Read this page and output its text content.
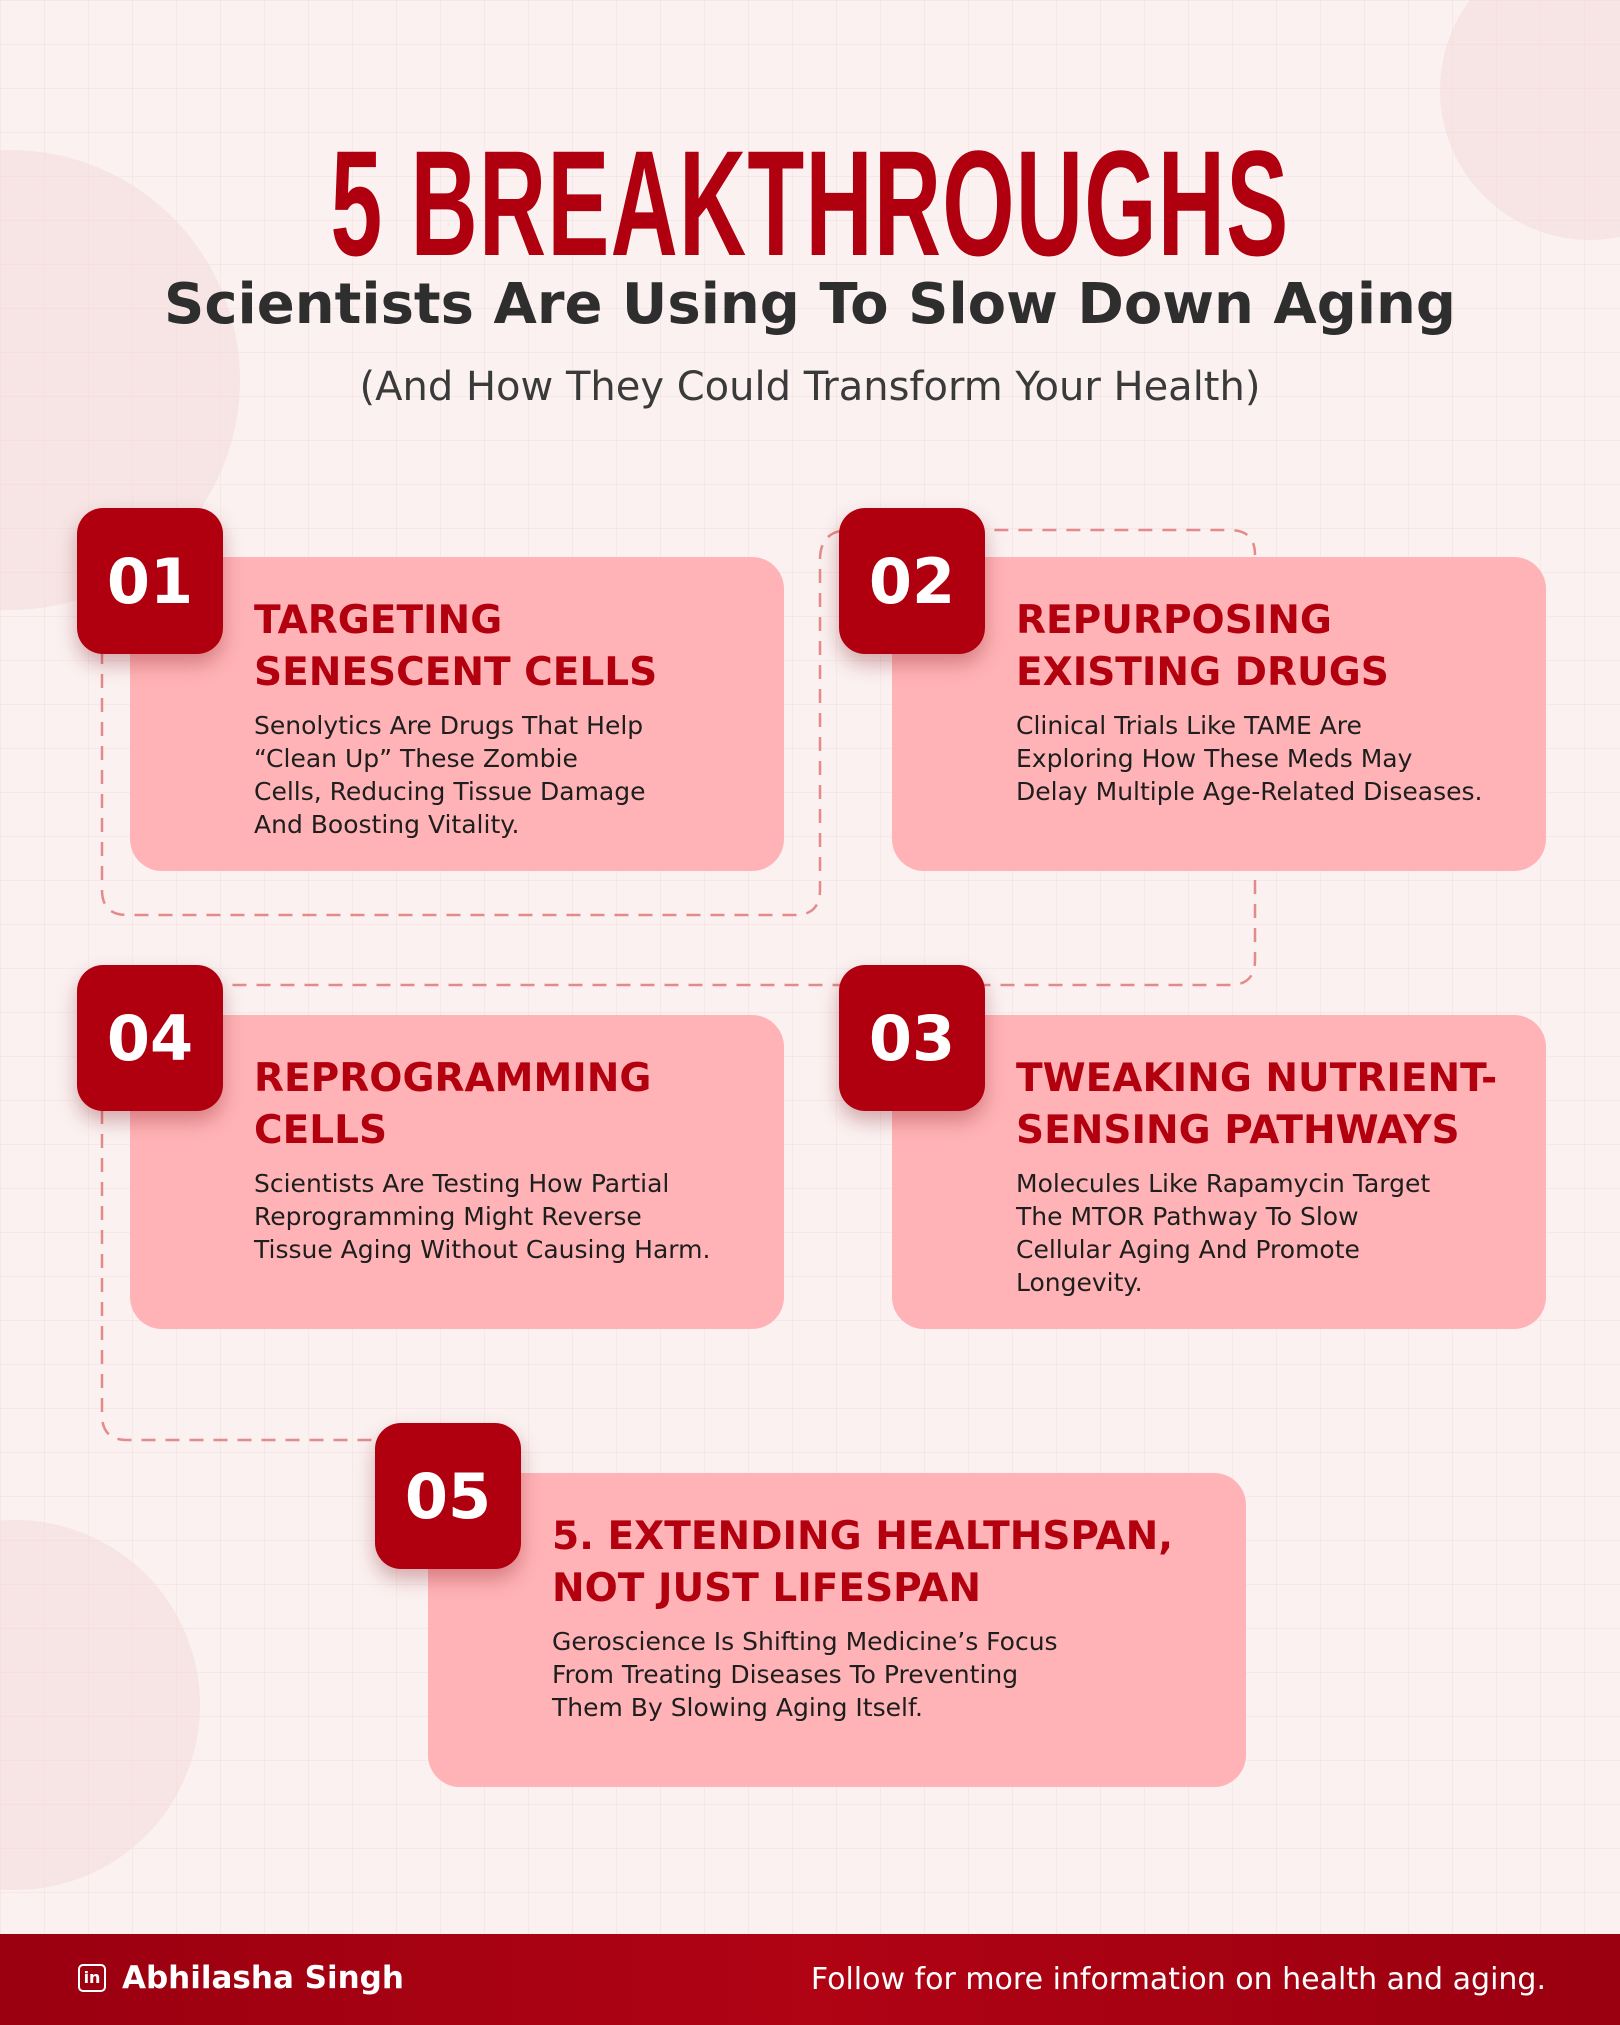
5 BREAKTHROUGHS
Scientists Are Using To Slow Down Aging
(And How They Could Transform Your Health)
TARGETING
SENESCENT CELLS
Senolytics Are Drugs That Help
“Clean Up” These Zombie
Cells, Reducing Tissue Damage
And Boosting Vitality.
01
REPURPOSING
EXISTING DRUGS
Clinical Trials Like TAME Are
Exploring How These Meds May
Delay Multiple Age-Related Diseases.
02
REPROGRAMMING
CELLS
Scientists Are Testing How Partial
Reprogramming Might Reverse
Tissue Aging Without Causing Harm.
04
TWEAKING NUTRIENT-
SENSING PATHWAYS
Molecules Like Rapamycin Target
The MTOR Pathway To Slow
Cellular Aging And Promote
Longevity.
03
5. EXTENDING HEALTHSPAN,
NOT JUST LIFESPAN
Geroscience Is Shifting Medicine’s Focus
From Treating Diseases To Preventing
Them By Slowing Aging Itself.
05
in Abhilasha Singh	Follow for more information on health and aging.
